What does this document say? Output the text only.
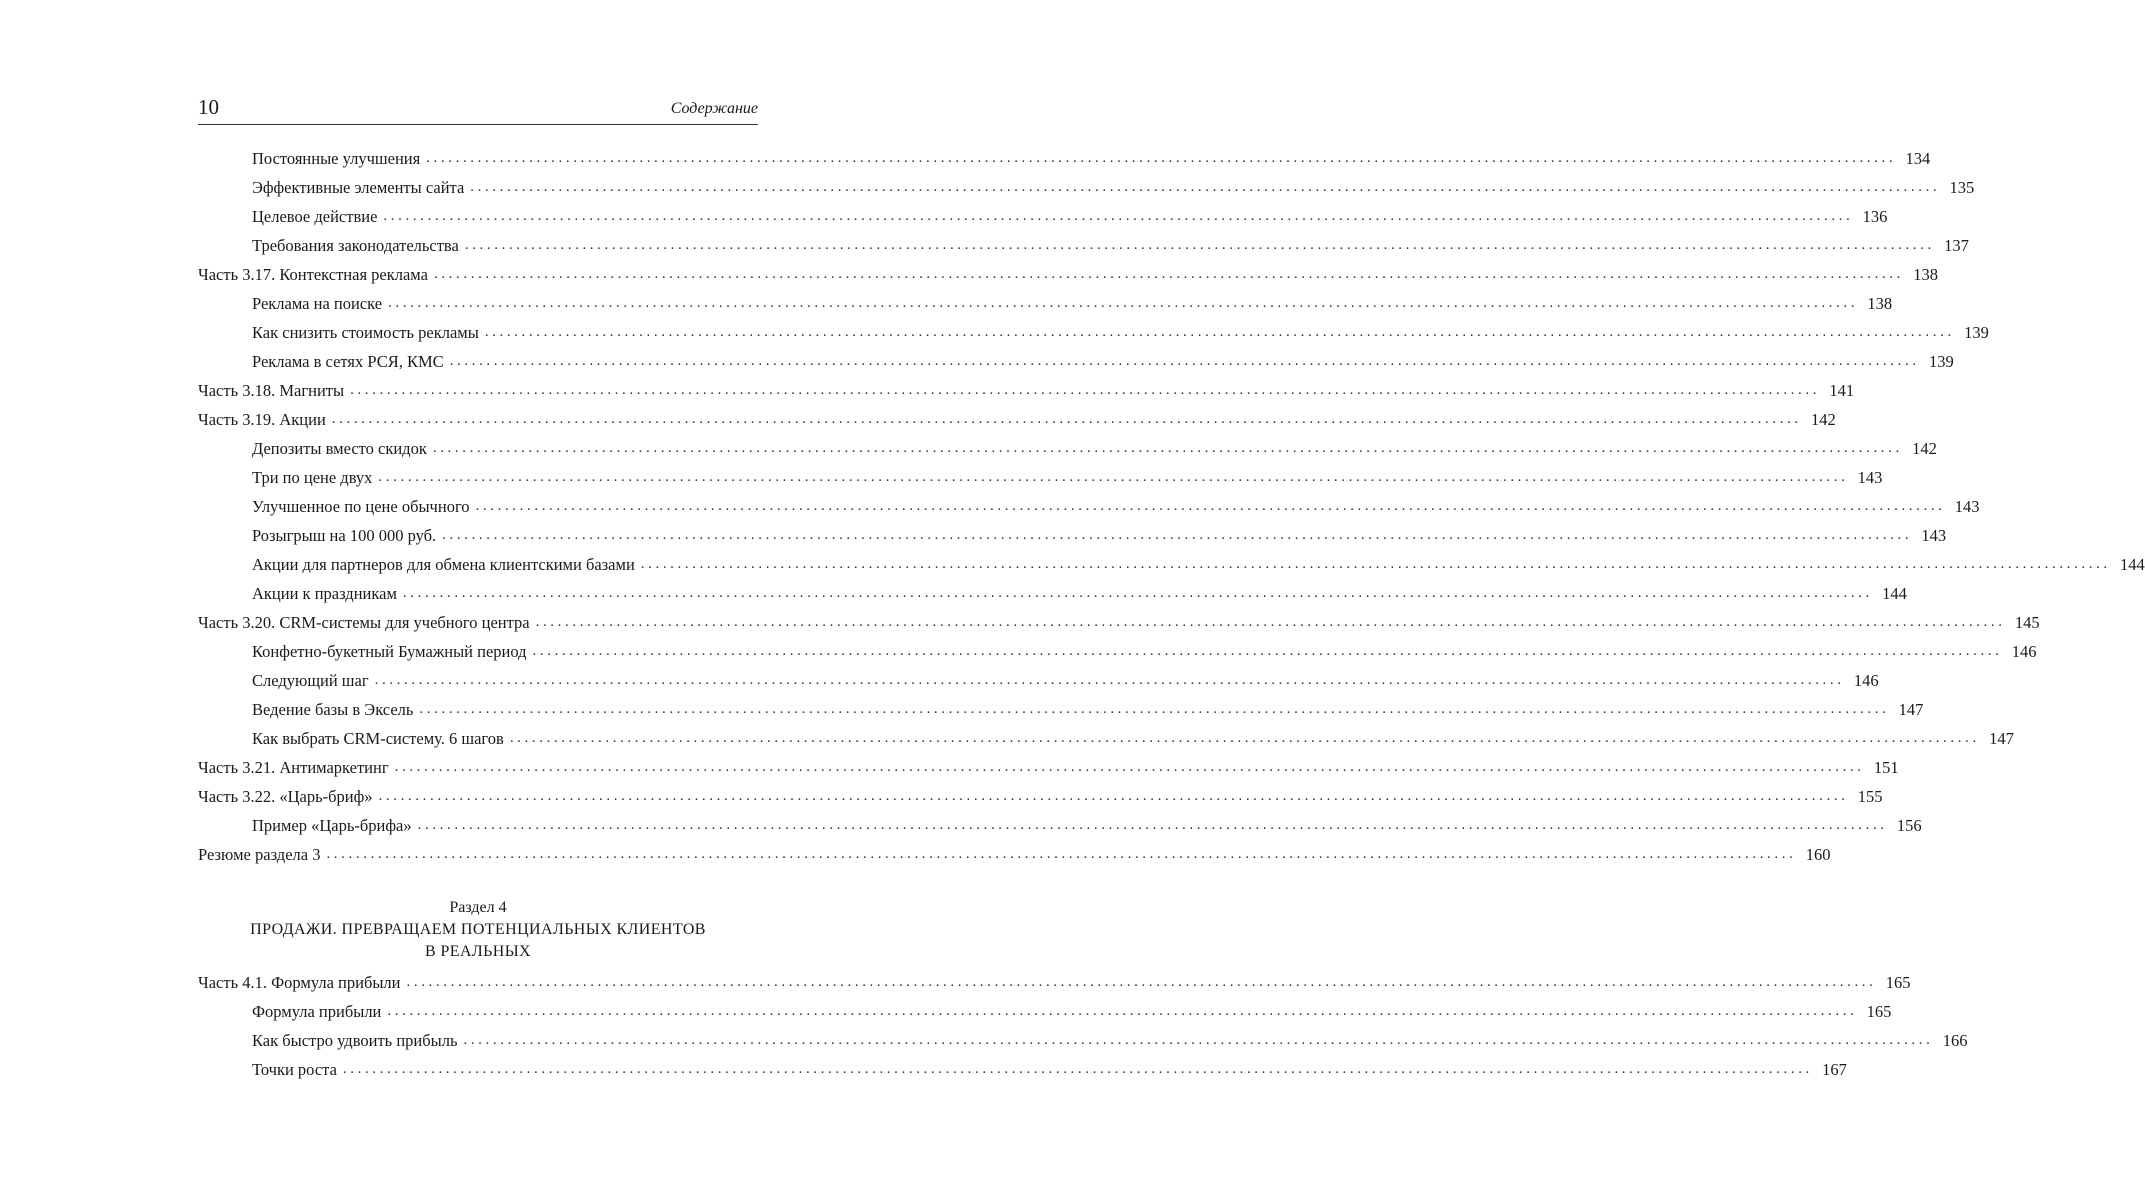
10	Содержание
Постоянные улучшения ........................................................................................................................................................................................................ 134
Эффективные элементы сайта ........................................................................................................................................................................................................ 135
Целевое действие ........................................................................................................................................................................................................ 136
Требования законодательства ........................................................................................................................................................................................................ 137
Часть 3.17. Контекстная реклама ........................................................................................................................................................................................................ 138
Реклама на поиске ........................................................................................................................................................................................................ 138
Как снизить стоимость рекламы ........................................................................................................................................................................................................ 139
Реклама в сетях РСЯ, КМС ........................................................................................................................................................................................................ 139
Часть 3.18. Магниты ........................................................................................................................................................................................................ 141
Часть 3.19. Акции ........................................................................................................................................................................................................ 142
Депозиты вместо скидок ........................................................................................................................................................................................................ 142
Три по цене двух ........................................................................................................................................................................................................ 143
Улучшенное по цене обычного ........................................................................................................................................................................................................ 143
Розыгрыш на 100 000 руб. ........................................................................................................................................................................................................ 143
Акции для партнеров для обмена клиентскими базами ........................................................................................................................................................................................................ 144
Акции к праздникам ........................................................................................................................................................................................................ 144
Часть 3.20. CRM-системы для учебного центра ........................................................................................................................................................................................................ 145
Конфетно-букетный Бумажный период ........................................................................................................................................................................................................ 146
Следующий шаг ........................................................................................................................................................................................................ 146
Ведение базы в Эксель ........................................................................................................................................................................................................ 147
Как выбрать CRM-систему. 6 шагов ........................................................................................................................................................................................................ 147
Часть 3.21. Антимаркетинг ........................................................................................................................................................................................................ 151
Часть 3.22. «Царь-бриф» ........................................................................................................................................................................................................ 155
Пример «Царь-брифа» ........................................................................................................................................................................................................ 156
Резюме раздела 3 ........................................................................................................................................................................................................ 160
Раздел 4
ПРОДАЖИ. ПРЕВРАЩАЕМ ПОТЕНЦИАЛЬНЫХ КЛИЕНТОВ
В РЕАЛЬНЫХ
Часть 4.1. Формула прибыли ........................................................................................................................................................................................................ 165
Формула прибыли ........................................................................................................................................................................................................ 165
Как быстро удвоить прибыль ........................................................................................................................................................................................................ 166
Точки роста ........................................................................................................................................................................................................ 167
